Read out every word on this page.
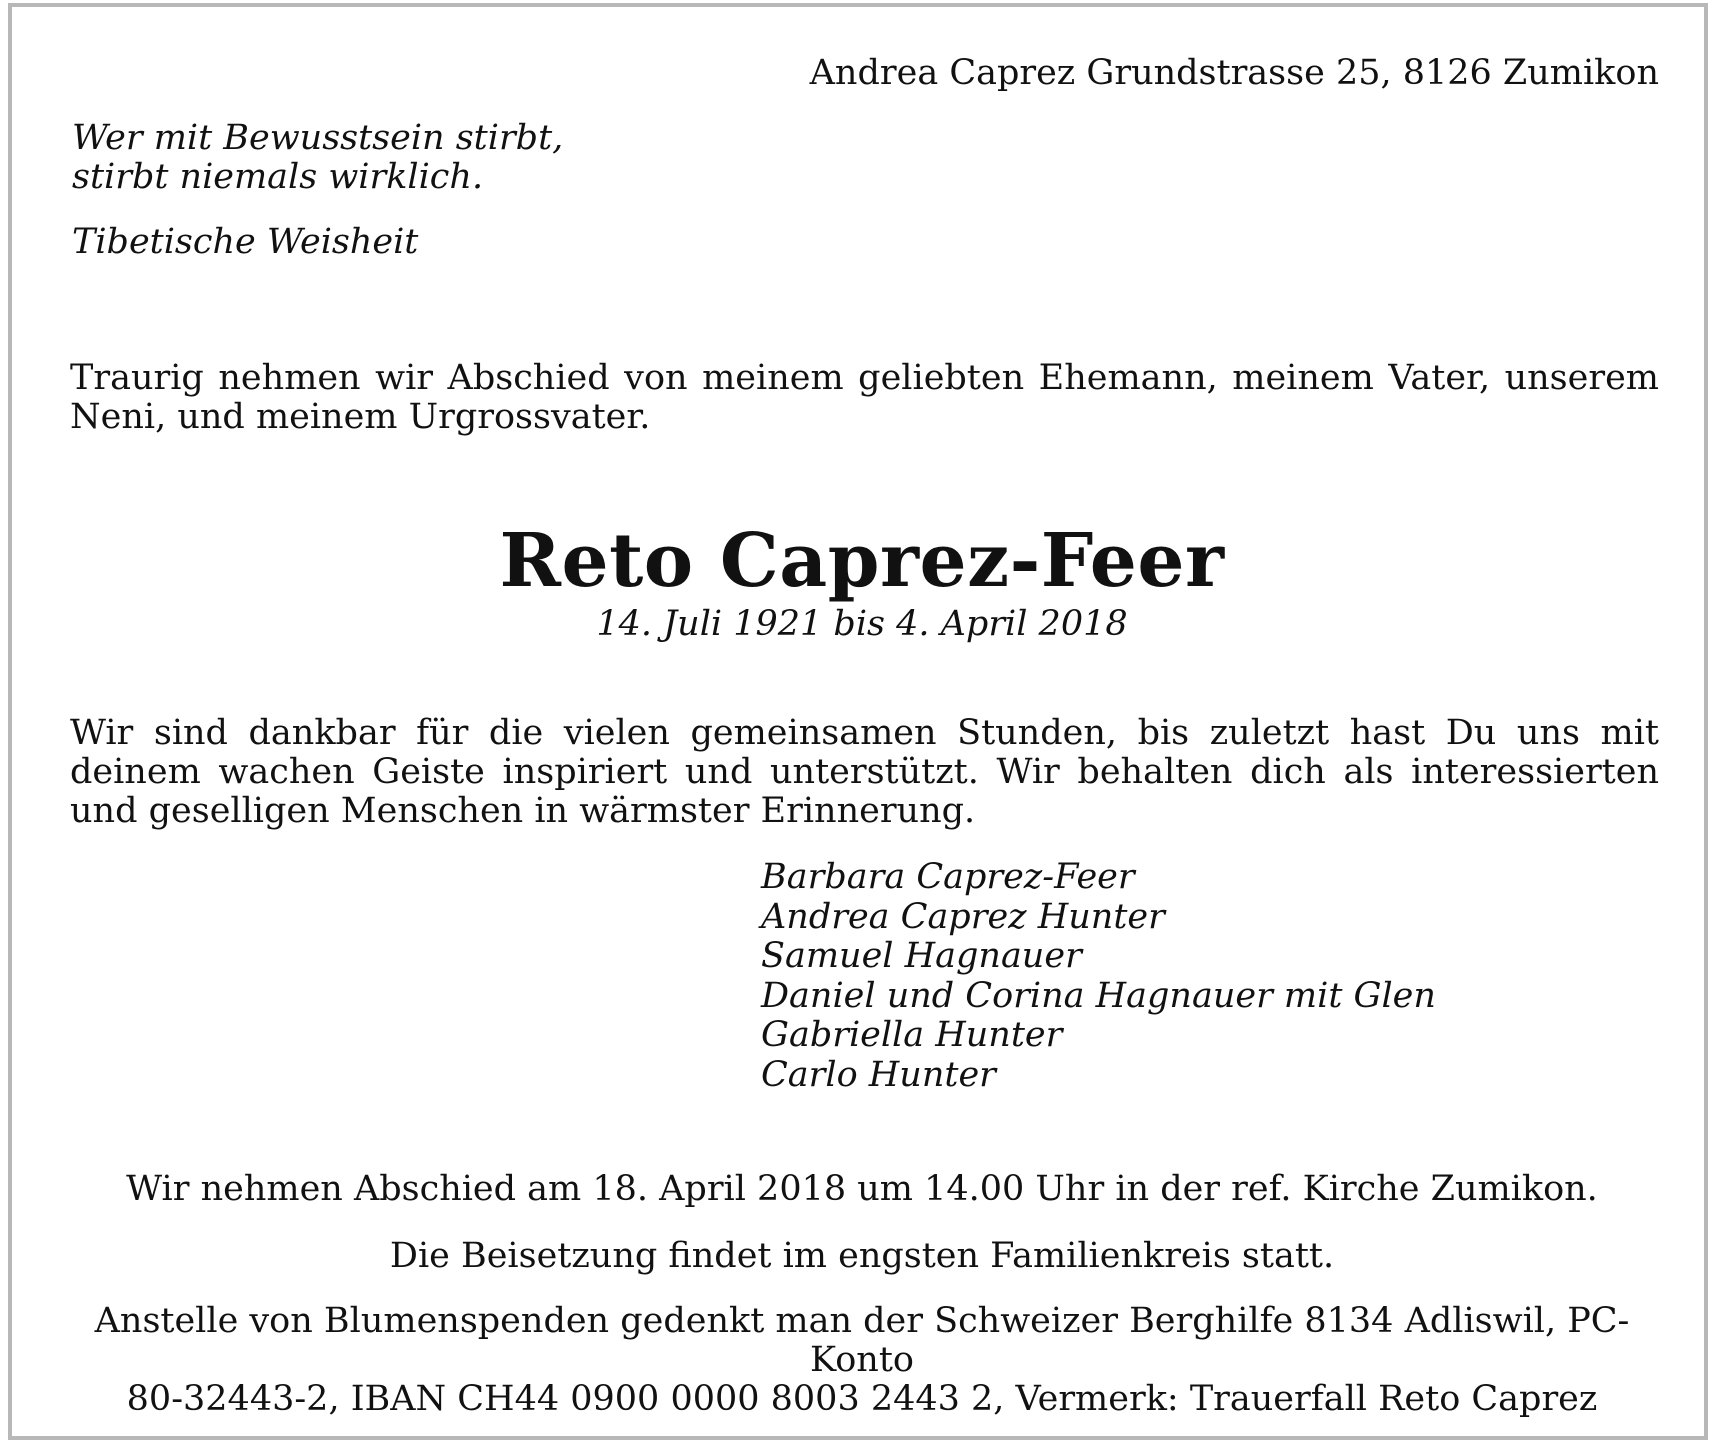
Andrea Caprez Grundstrasse 25, 8126 Zumikon

Wer mit Bewusstsein stirbt,
stirbt niemals wirklich.

Tibetische Weisheit

Traurig nehmen wir Abschied von meinem geliebten Ehemann, meinem Vater, unserem Neni, und meinem Urgrossvater.

Reto Caprez-Feer

14. Juli 1921 bis 4. April 2018

Wir sind dankbar für die vielen gemeinsamen Stunden, bis zuletzt hast Du uns mit deinem wachen Geiste inspiriert und unterstützt. Wir behalten dich als interessierten und geselligen Menschen in wärmster Erinnerung.

Barbara Caprez-Feer
Andrea Caprez Hunter
Samuel Hagnauer
Daniel und Corina Hagnauer mit Glen
Gabriella Hunter
Carlo Hunter

Wir nehmen Abschied am 18. April 2018 um 14.00 Uhr in der ref. Kirche Zumikon.

Die Beisetzung findet im engsten Familienkreis statt.

Anstelle von Blumenspenden gedenkt man der Schweizer Berghilfe 8134 Adliswil, PC-Konto
80-32443-2, IBAN CH44 0900 0000 8003 2443 2, Vermerk: Trauerfall Reto Caprez
